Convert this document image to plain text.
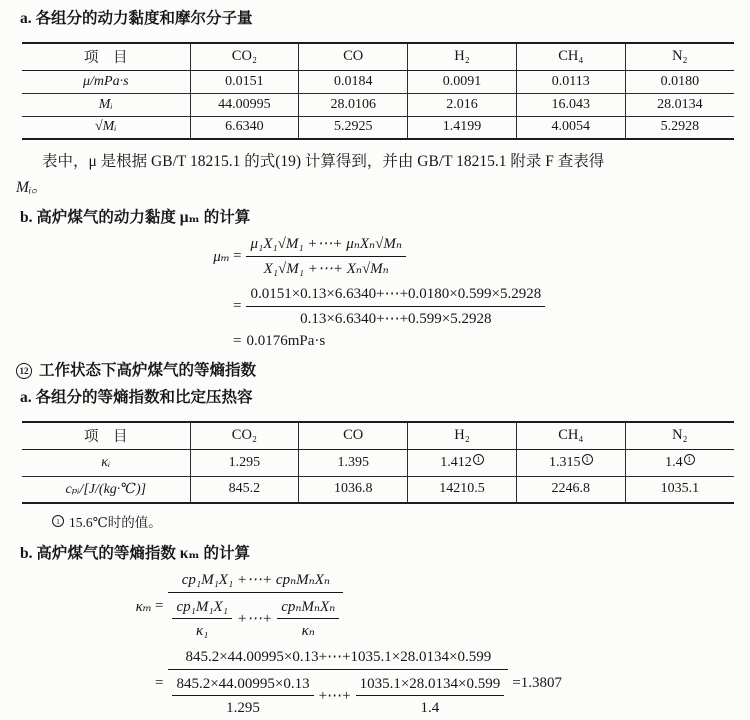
a. 各组分的动力黏度和摩尔分子量
项　目	CO₂	CO	H₂	CH₄	N₂
μ/mPa·s	0.0151	0.0184	0.0091	0.0113	0.0180
Mᵢ	44.00995	28.0106	2.016	16.043	28.0134
√Mᵢ	6.6340	5.2925	1.4199	4.0054	5.2928
表中，μ 是根据 GB/T 18215.1 的式(19) 计算得到，并由 GB/T 18215.1 附录 F 查表得
Mᵢ。
b. 高炉煤气的动力黏度 μₘ 的计算
$\mu_m = \frac{\text{μ₁X₁√M₁ +⋯+ μₙXₙ√Mₙ}}{\text{X₁√M₁ +⋯+ Xₙ√Mₙ}}$
= $\frac{0.0151\times 0.13\times 6.6340+\cdots+0.0180\times 0.599\times 5.2928}{0.13\times 6.6340+\cdots+0.599\times 5.2928}$
= 0.0176mPa·s
12 工作状态下高炉煤气的等熵指数
a. 各组分的等熵指数和比定压热容
项　目	CO₂	CO	H₂	CH₄	N₂
κᵢ	1.295	1.395	1.412 $^1$	1.315 $^1$	1.4 $^1$
cₚᵢ/[J/(kg·℃)]	845.2	1036.8	14210.5	2246.8	1035.1
1 15.6℃时的值。
b. 高炉煤气的等熵指数 κₘ 的计算
κₘ =
cp₁M₁X₁ +⋯+ cpₙMₙXₙ
$\frac{\text{cp₁M₁X₁}}{\text{κ₁}}$ +⋯+ $\frac{\text{cpₙMₙXₙ}}{\text{κₙ}}$
=
845.2×44.00995×0.13+⋯+1035.1×28.0134×0.599
$\frac{845.2\times 44.00995\times 0.13}{1.295}$ +⋯+ $\frac{1035.1\times 28.0134\times 0.599}{1.4} =1.3807$
